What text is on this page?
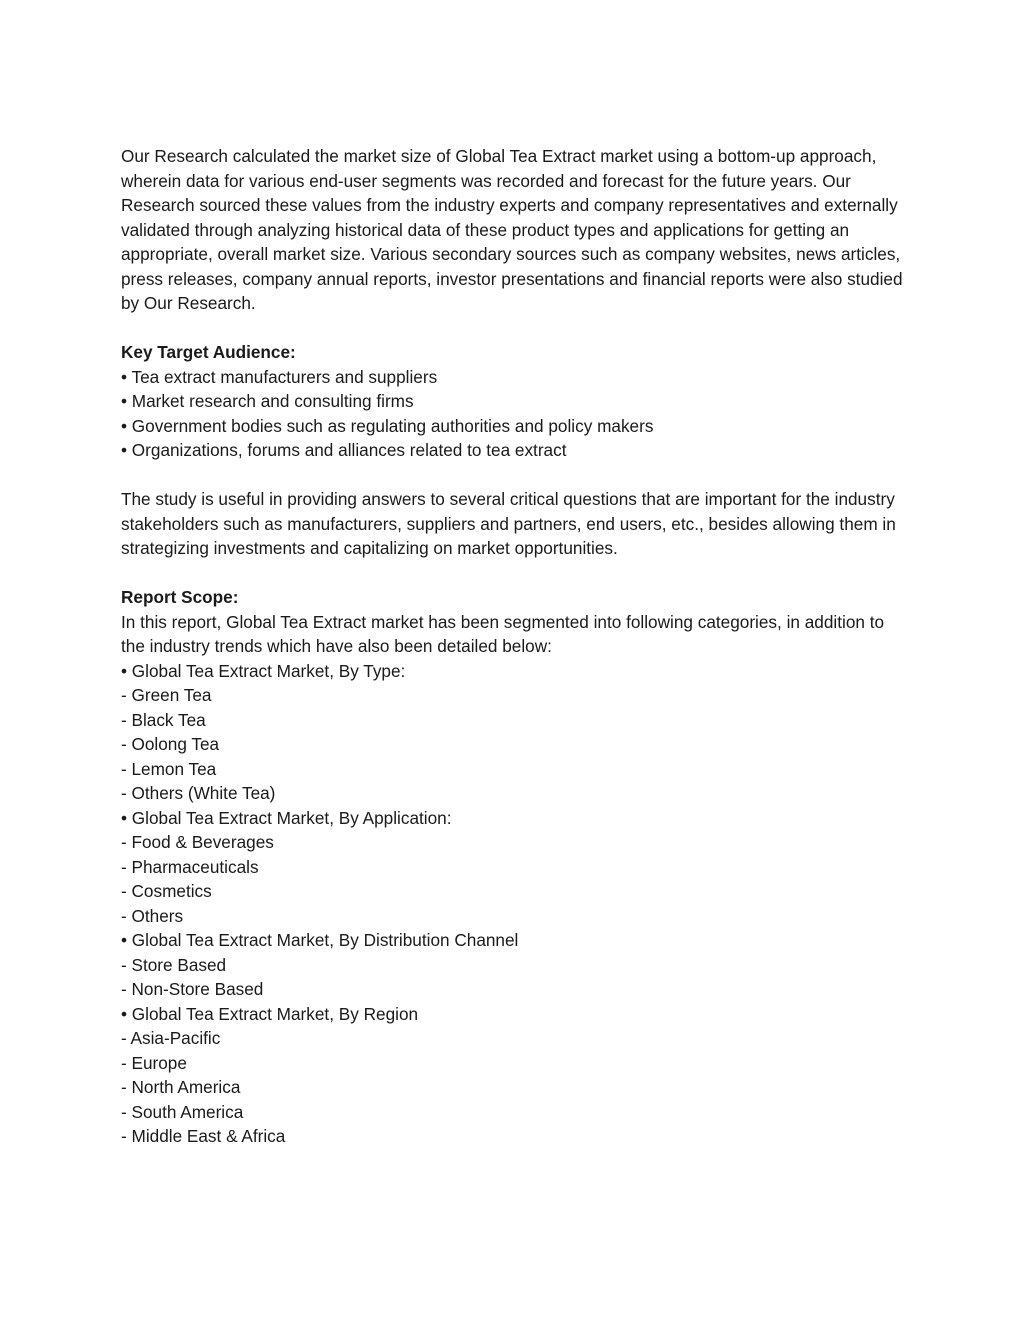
Our Research calculated the market size of Global Tea Extract market using a bottom-up approach, wherein data for various end-user segments was recorded and forecast for the future years. Our Research sourced these values from the industry experts and company representatives and externally validated through analyzing historical data of these product types and applications for getting an appropriate, overall market size. Various secondary sources such as company websites, news articles, press releases, company annual reports, investor presentations and financial reports were also studied by Our Research.

Key Target Audience:

• Tea extract manufacturers and suppliers

• Market research and consulting firms

• Government bodies such as regulating authorities and policy makers

• Organizations, forums and alliances related to tea extract

The study is useful in providing answers to several critical questions that are important for the industry stakeholders such as manufacturers, suppliers and partners, end users, etc., besides allowing them in strategizing investments and capitalizing on market opportunities.

Report Scope:

In this report, Global Tea Extract market has been segmented into following categories, in addition to the industry trends which have also been detailed below:

• Global Tea Extract Market, By Type:

- Green Tea

- Black Tea

- Oolong Tea

- Lemon Tea

- Others (White Tea)

• Global Tea Extract Market, By Application:

- Food & Beverages

- Pharmaceuticals

- Cosmetics

- Others

• Global Tea Extract Market, By Distribution Channel

- Store Based

- Non-Store Based

• Global Tea Extract Market, By Region

- Asia-Pacific

- Europe

- North America

- South America

- Middle East & Africa
